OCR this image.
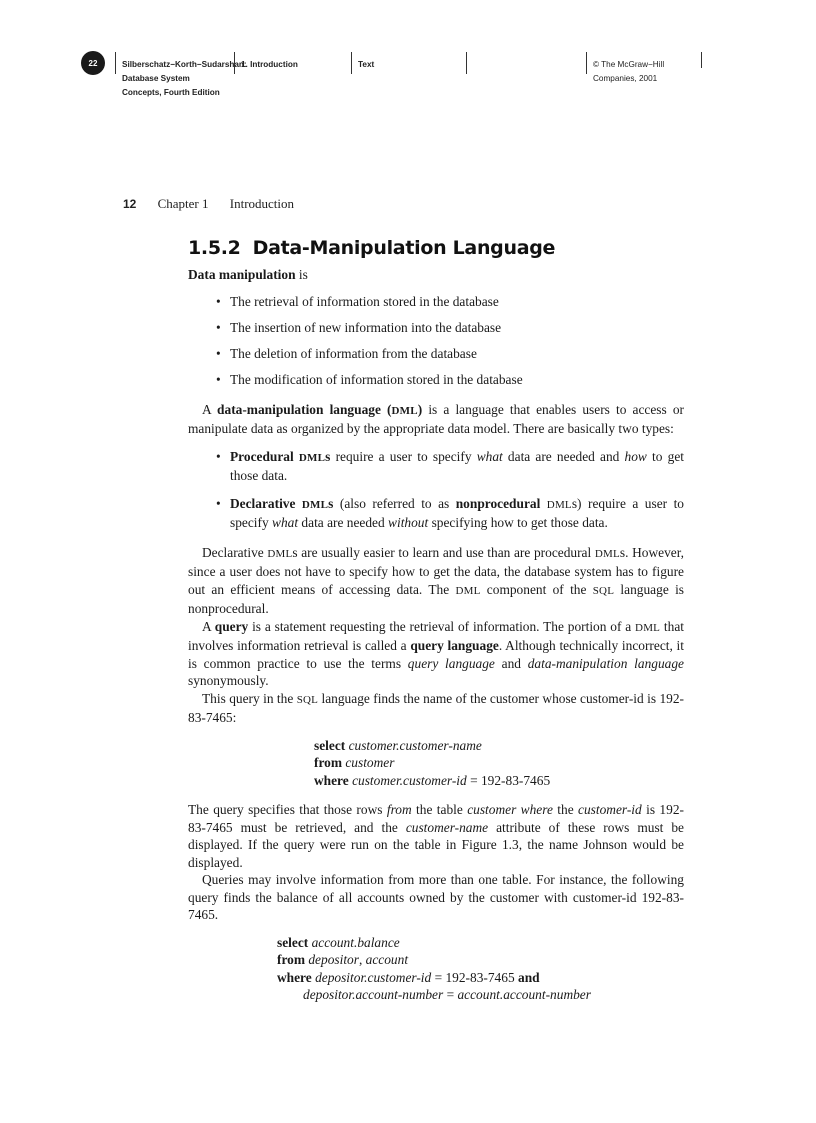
22	Silberschatz−Korth−Sudarshan:
Database System
Concepts, Fourth Edition
1. Introduction	Text	© The McGraw−Hill
Companies, 2001
12 Chapter 1 Introduction
1.5.2 Data-Manipulation Language

Data manipulation is

• The retrieval of information stored in the database
• The insertion of new information into the database
• The deletion of information from the database
• The modification of information stored in the database

A data-manipulation language (DML) is a language that enables users to access or manipulate data as organized by the appropriate data model. There are basically two types:

• Procedural DMLs require a user to specify what data are needed and how to get those data.
• Declarative DMLs (also referred to as nonprocedural DMLs) require a user to specify what data are needed without specifying how to get those data.

Declarative DMLs are usually easier to learn and use than are procedural DMLs. However, since a user does not have to specify how to get the data, the database system has to figure out an efficient means of accessing data. The DML component of the SQL language is nonprocedural.

A query is a statement requesting the retrieval of information. The portion of a DML that involves information retrieval is called a query language. Although technically incorrect, it is common practice to use the terms query language and data-manipulation language synonymously.

This query in the SQL language finds the name of the customer whose customer-id is 192-83-7465:

select customer.customer-name
from customer
where customer.customer-id = 192-83-7465

The query specifies that those rows from the table customer where the customer-id is 192-83-7465 must be retrieved, and the customer-name attribute of these rows must be displayed. If the query were run on the table in Figure 1.3, the name Johnson would be displayed.

Queries may involve information from more than one table. For instance, the following query finds the balance of all accounts owned by the customer with customer-id 192-83-7465.

select account.balance
from depositor, account
where depositor.customer-id = 192-83-7465 and
depositor.account-number = account.account-number
